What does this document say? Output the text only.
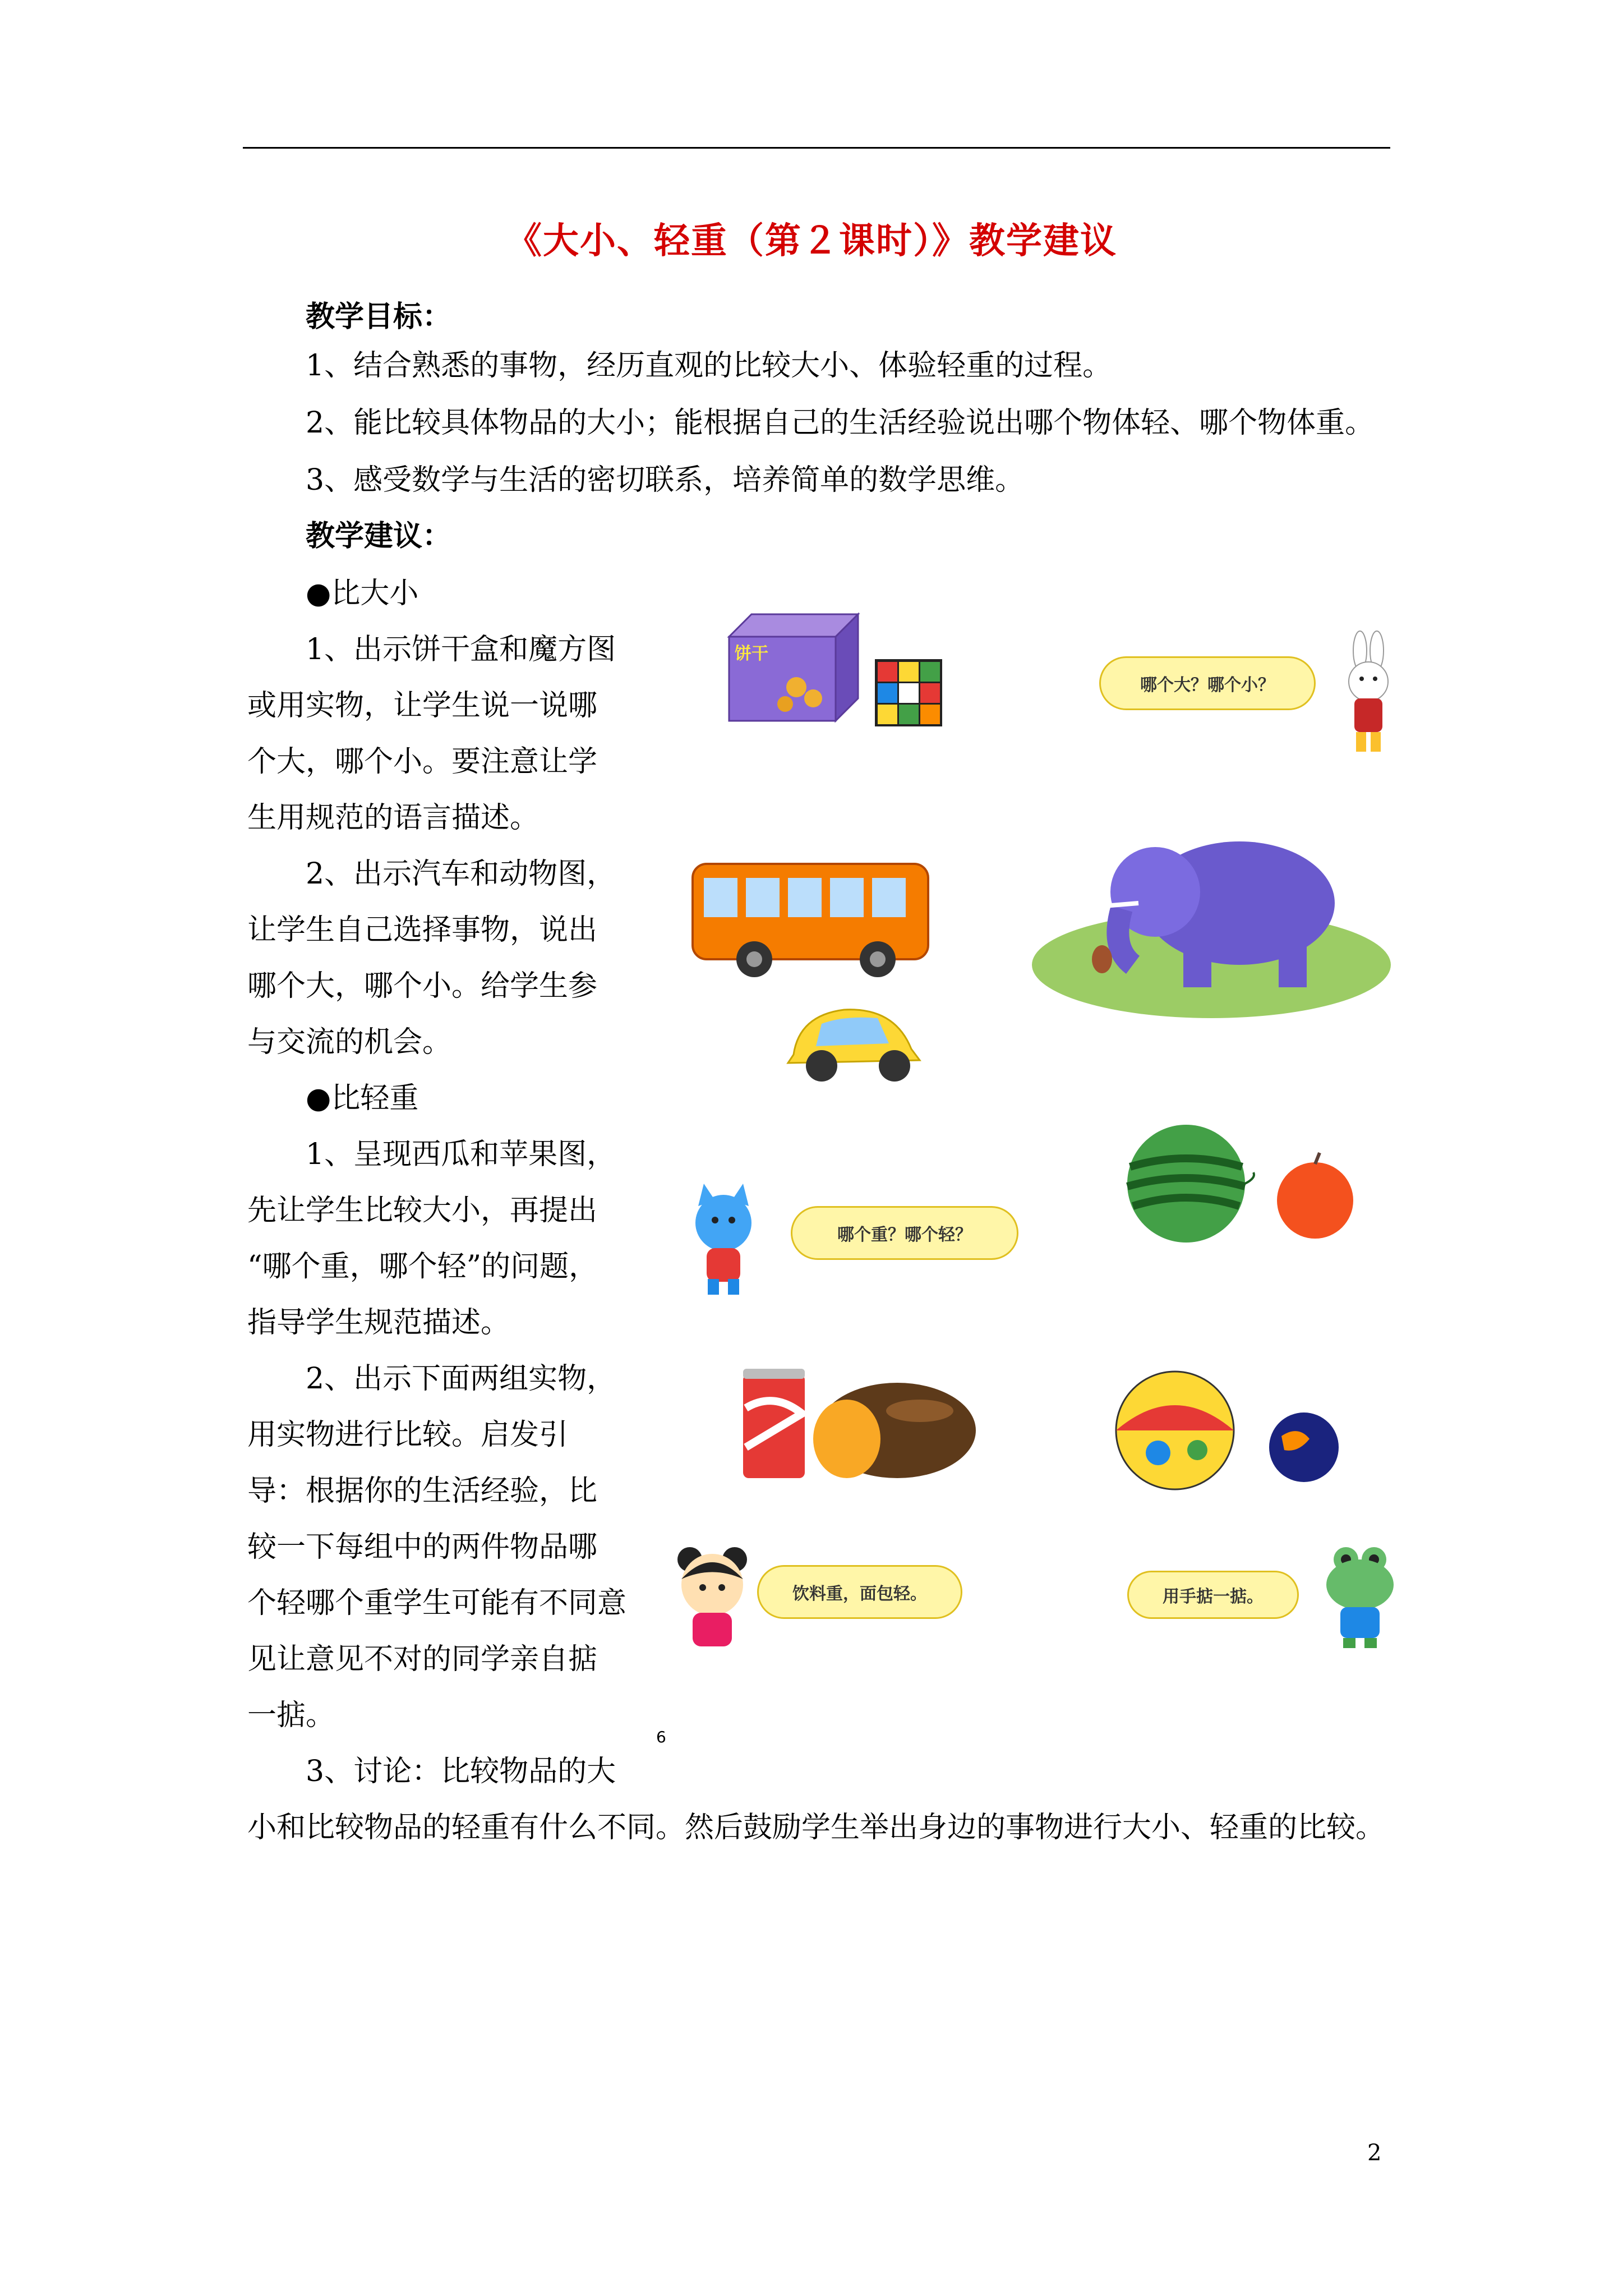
《大小、轻重（第２课时）》教学建议
教学目标：
1、结合熟悉的事物，经历直观的比较大小、体验轻重的过程。
2、能比较具体物品的大小；能根据自己的生活经验说出哪个物体轻、哪个物体重。
3、感受数学与生活的密切联系，培养简单的数学思维。
教学建议：
●比大小
1、出示饼干盒和魔方图
或用实物，让学生说一说哪
个大，哪个小。要注意让学
生用规范的语言描述。
2、出示汽车和动物图，
让学生自己选择事物，说出
哪个大，哪个小。给学生参
与交流的机会。
●比轻重
1、呈现西瓜和苹果图，
先让学生比较大小，再提出
“哪个重，哪个轻”的问题，
指导学生规范描述。
2、出示下面两组实物，
用实物进行比较。启发引
导：根据你的生活经验，比
较一下每组中的两件物品哪
个轻哪个重学生可能有不同意
见让意见不对的同学亲自掂
一掂。
3、讨论：比较物品的大
小和比较物品的轻重有什么不同。然后鼓励学生举出身边的事物进行大小、轻重的比较。
2
6
饼干
哪个大？哪个小？
哪个重？哪个轻？
饮料重，面包轻。	用手掂一掂。
